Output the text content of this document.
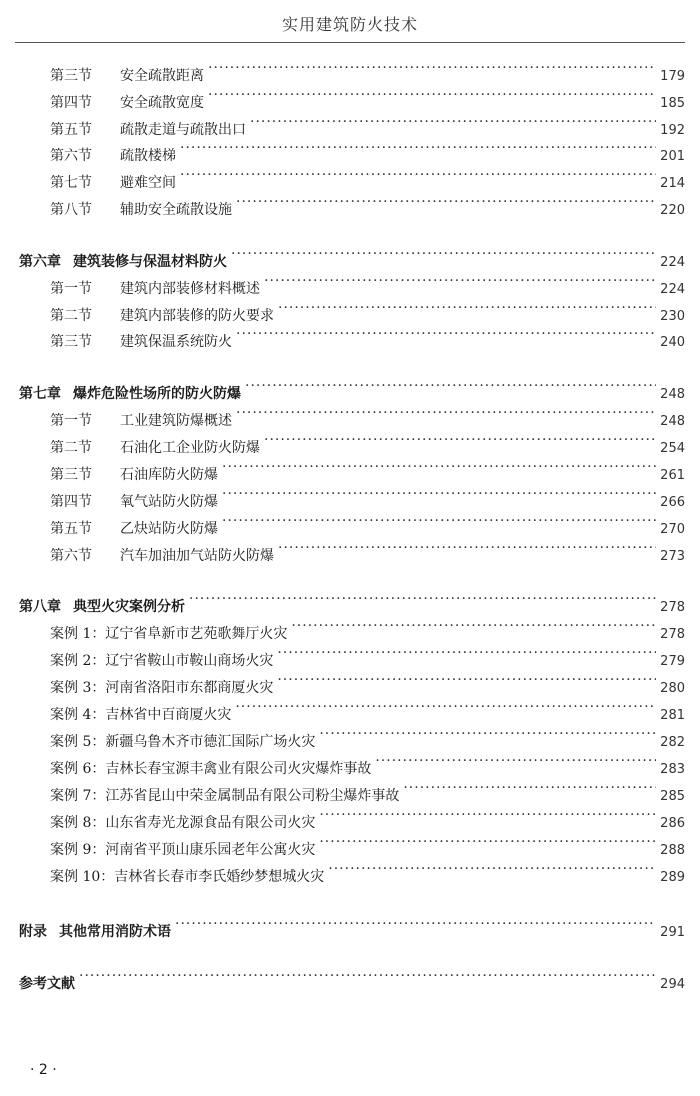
实用建筑防火技术
第三节	安全疏散距离 ·····	179
第四节	安全疏散宽度 ·····	185
第五节	疏散走道与疏散出口 ·····	192
第六节	疏散楼梯 ·····	201
第七节	避难空间 ·····	214
第八节	辅助安全疏散设施 ·····	220
第六章 建筑装修与保温材料防火 ·····	224
第一节	建筑内部装修材料概述 ·····	224
第二节	建筑内部装修的防火要求 ·····	230
第三节	建筑保温系统防火 ·····	240
第七章 爆炸危险性场所的防火防爆 ·····	248
第一节	工业建筑防爆概述 ·····	248
第二节	石油化工企业防火防爆 ·····	254
第三节	石油库防火防爆 ·····	261
第四节	氧气站防火防爆 ·····	266
第五节	乙炔站防火防爆 ·····	270
第六节	汽车加油加气站防火防爆 ·····	273
第八章 典型火灾案例分析 ·····	278
案例 1： 辽宁省阜新市艺苑歌舞厅火灾 ·····	278
案例 2： 辽宁省鞍山市鞍山商场火灾 ·····	279
案例 3： 河南省洛阳市东都商厦火灾 ·····	280
案例 4： 吉林省中百商厦火灾 ·····	281
案例 5： 新疆乌鲁木齐市德汇国际广场火灾 ·····	282
案例 6： 吉林长春宝源丰禽业有限公司火灾爆炸事故 ·····	283
案例 7： 江苏省昆山中荣金属制品有限公司粉尘爆炸事故 ·····	285
案例 8： 山东省寿光龙源食品有限公司火灾 ·····	286
案例 9： 河南省平顶山康乐园老年公寓火灾 ·····	288
案例 10： 吉林省长春市李氏婚纱梦想城火灾 ·····	289
附录 其他常用消防术语 ·····	291
参考文献 ·····	294
· 2 ·
